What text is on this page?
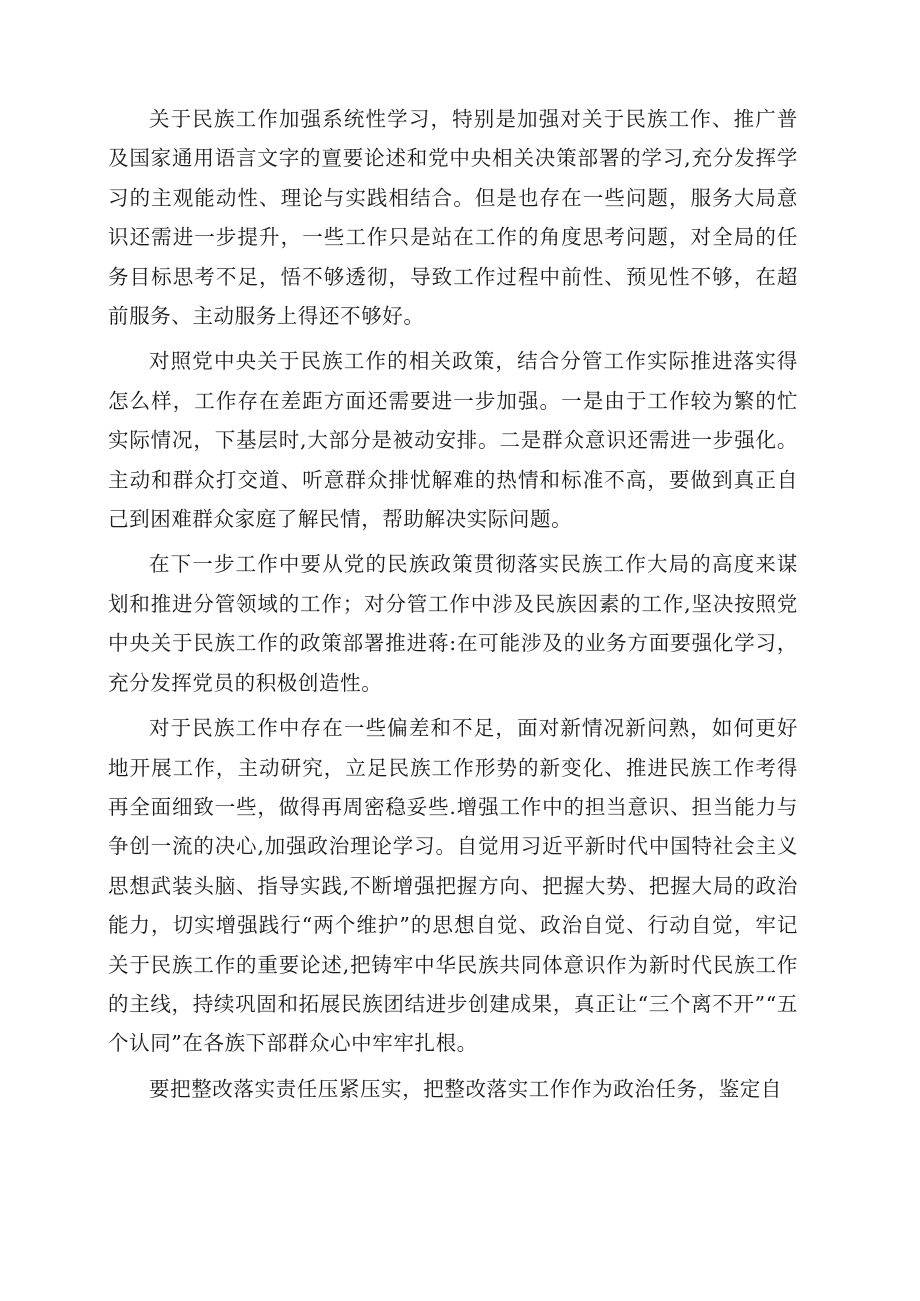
关于民族工作加强系统性学习，特别是加强对关于民族工作、推广普及国家通用语言文字的亶要论述和党中央相关决策部署的学习,充分发挥学习的主观能动性、理论与实践相结合。但是也存在一些问题，服务大局意识还需进一步提升，一些工作只是站在工作的角度思考问题，对全局的任务目标思考不足，悟不够透彻，导致工作过程中前性、预见性不够，在超前服务、主动服务上得还不够好。

对照党中央关于民族工作的相关政策，结合分管工作实际推进落实得怎么样，工作存在差距方面还需要进一步加强。一是由于工作较为繁的忙实际情况，下基层时,大部分是被动安排。二是群众意识还需进一步强化。主动和群众打交道、听意群众排忧解难的热情和标准不高，要做到真正自己到困难群众家庭了解民情，帮助解决实际问题。

在下一步工作中要从党的民族政策贯彻落实民族工作大局的高度来谋划和推进分管领域的工作；对分管工作中涉及民族因素的工作,坚决按照党中央关于民族工作的政策部署推进蒋:在可能涉及的业务方面要强化学习，充分发挥党员的积极创造性。

对于民族工作中存在一些偏差和不足，面对新情况新问熟，如何更好地开展工作，主动研究，立足民族工作形势的新变化、推进民族工作考得再全面细致一些，做得再周密稳妥些.增强工作中的担当意识、担当能力与争创一流的决心,加强政治理论学习。自觉用习近平新时代中国特社会主义思想武装头脑、指导实践,不断增强把握方向、把握大势、把握大局的政治能力，切实增强践行“两个维护”的思想自觉、政治自觉、行动自觉，牢记关于民族工作的重要论述,把铸牢中华民族共同体意识作为新时代民族工作的主线，持续巩固和拓展民族团结进步创建成果，真正让“三个离不开”“五个认同”在各族下部群众心中牢牢扎根。

要把整改落实责任压紧压实，把整改落实工作作为政治任务，鉴定自
